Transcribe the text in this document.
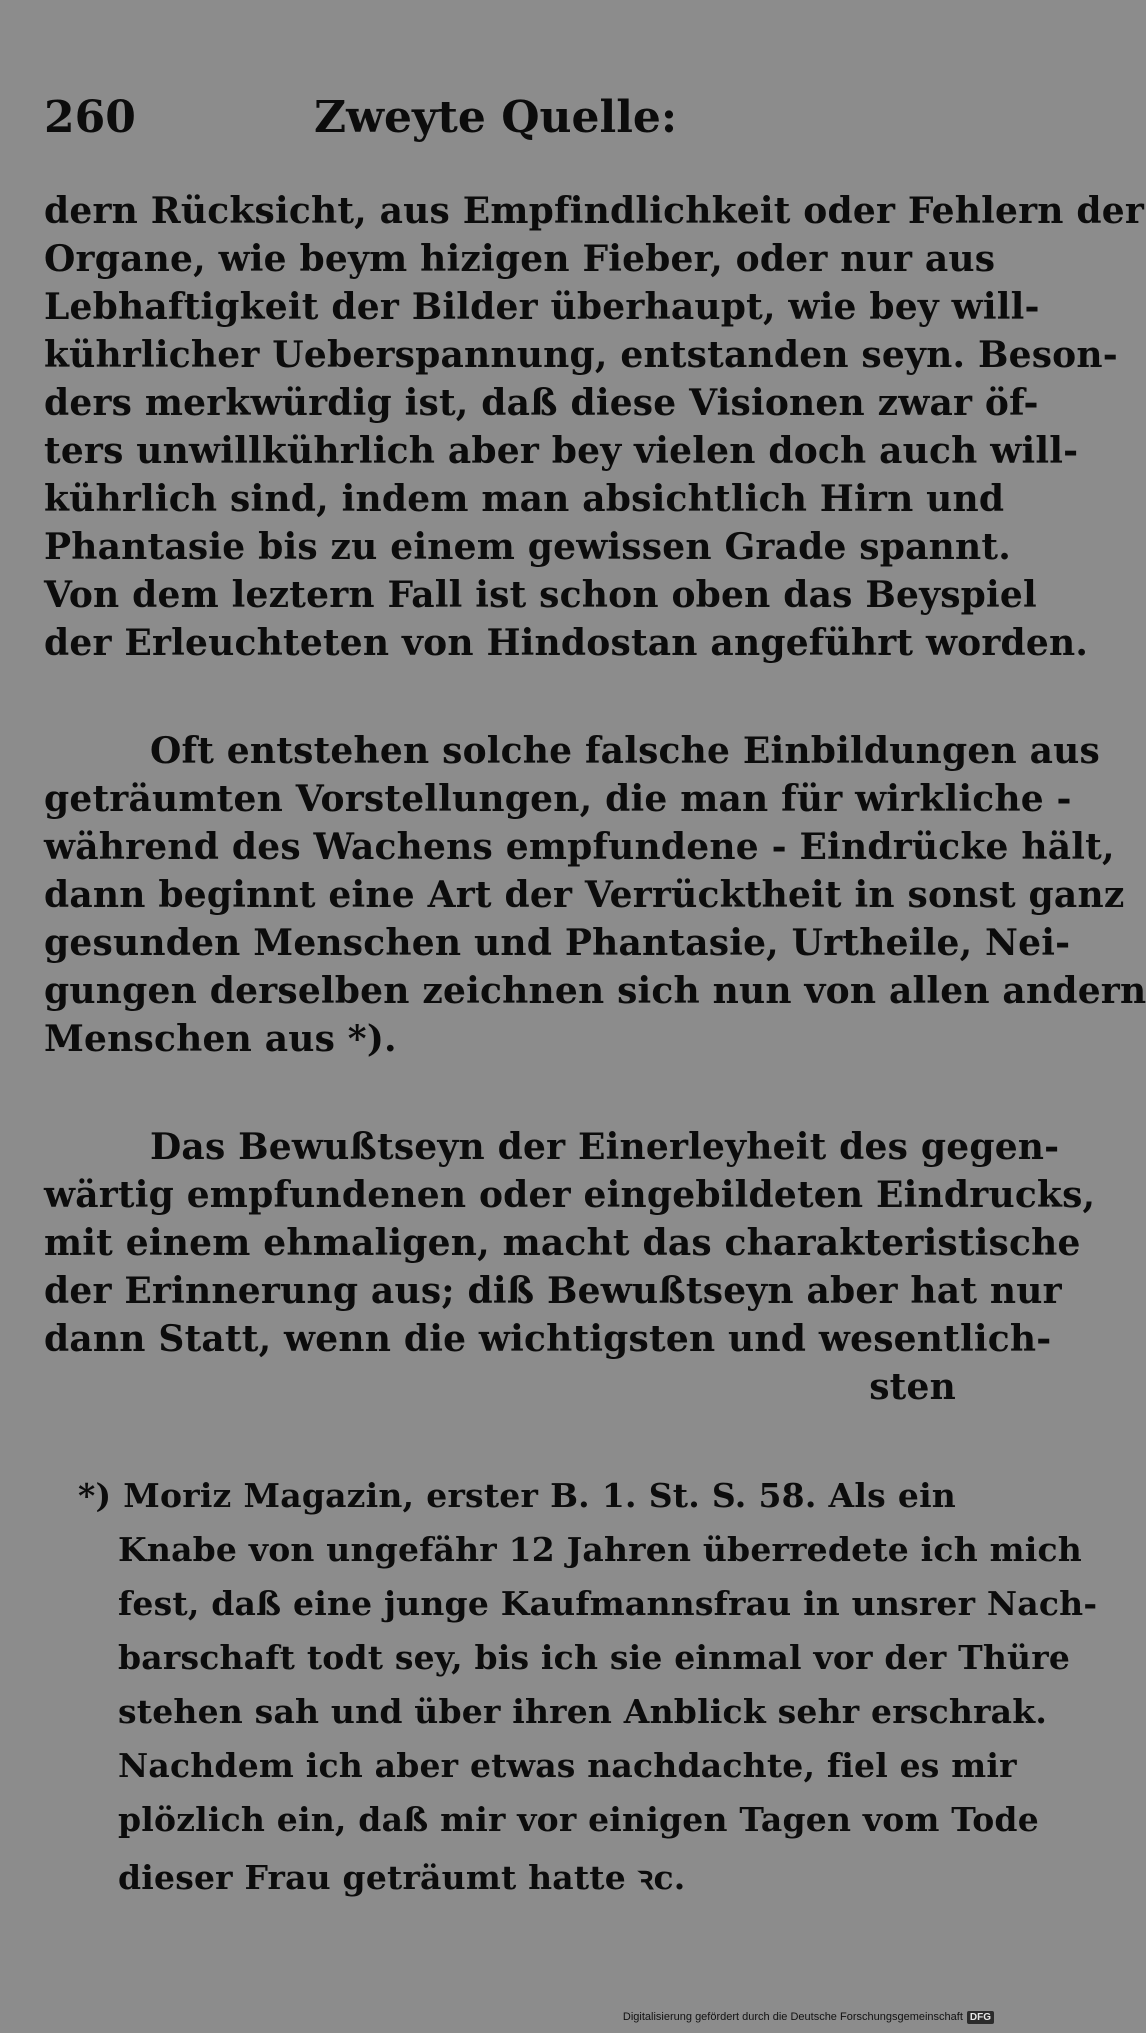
260	Zweyte Quelle:
dern Rücksicht, aus Empfindlichkeit oder Fehlern der
Organe, wie beym hizigen Fieber, oder nur aus
Lebhaftigkeit der Bilder überhaupt, wie bey will-
kührlicher Ueberspannung, entstanden seyn. Beson-
ders merkwürdig ist, daß diese Visionen zwar öf-
ters unwillkührlich aber bey vielen doch auch will-
kührlich sind, indem man absichtlich Hirn und
Phantasie bis zu einem gewissen Grade spannt.
Von dem leztern Fall ist schon oben das Beyspiel
der Erleuchteten von Hindostan angeführt worden.
Oft entstehen solche falsche Einbildungen aus
geträumten Vorstellungen, die man für wirkliche -
während des Wachens empfundene - Eindrücke hält,
dann beginnt eine Art der Verrücktheit in sonst ganz
gesunden Menschen und Phantasie, Urtheile, Nei-
gungen derselben zeichnen sich nun von allen andern
Menschen aus *).
Das Bewußtseyn der Einerleyheit des gegen-
wärtig empfundenen oder eingebildeten Eindrucks,
mit einem ehmaligen, macht das charakteristische
der Erinnerung aus; diß Bewußtseyn aber hat nur
dann Statt, wenn die wichtigsten und wesentlich-
sten
*) Moriz Magazin, erster B. 1. St. S. 58. Als ein
Knabe von ungefähr 12 Jahren überredete ich mich
fest, daß eine junge Kaufmannsfrau in unsrer Nach-
barschaft todt sey, bis ich sie einmal vor der Thüre
stehen sah und über ihren Anblick sehr erschrak.
Nachdem ich aber etwas nachdachte, fiel es mir
plözlich ein, daß mir vor einigen Tagen vom Tode
dieser Frau geträumt hatte ꝛc.
Digitalisierung gefördert durch die Deutsche Forschungsgemeinschaft DFG
